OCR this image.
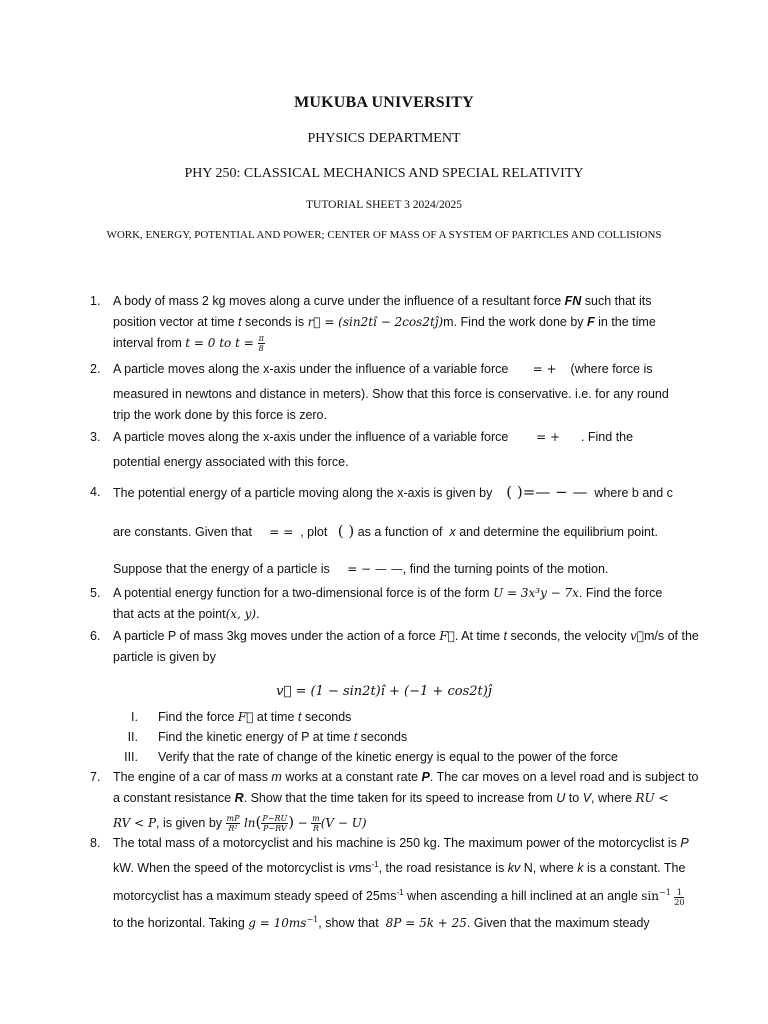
MUKUBA UNIVERSITY
PHYSICS DEPARTMENT
PHY 250: CLASSICAL MECHANICS AND SPECIAL RELATIVITY
TUTORIAL SHEET 3 2024/2025
WORK, ENERGY, POTENTIAL AND POWER; CENTER OF MASS OF A SYSTEM OF PARTICLES AND COLLISIONS
1. A body of mass 2 kg moves along a curve under the influence of a resultant force FN such that its
position vector at time t seconds is r⃗ = (sin2tî − 2cos2tĵ)m. Find the work done by F in the time
interval from t = 0 to $t = \frac{\pi}{8}$
2. A particle moves along the x-axis under the influence of a variable force = + (where force is
measured in newtons and distance in meters). Show that this force is conservative. i.e. for any round
trip the work done by this force is zero.
3. A particle moves along the x-axis under the influence of a variable force = + . Find the
potential energy associated with this force.
4. The potential energy of a particle moving along the x-axis is given by ( )=— − — where b and c
are constants. Given that = = , plot ( ) as a function of x and determine the equilibrium point.
Suppose that the energy of a particle is = − — —, find the turning points of the motion.
5. A potential energy function for a two-dimensional force is of the form U = 3x³y − 7x. Find the force
that acts at the point(x, y).
6. A particle P of mass 3kg moves under the action of a force F⃗. At time t seconds, the velocity v⃗m/s of the
particle is given by
v⃗ = (1 − sin2t)î + (−1 + cos2t)ĵ
I. Find the force F⃗ at time t seconds
II. Find the kinetic energy of P at time t seconds
III. Verify that the rate of change of the kinetic energy is equal to the power of the force
7. The engine of a car of mass m works at a constant rate P. The car moves on a level road and is subject to
a constant resistance R. Show that the time taken for its speed to increase from U to V, where RU <
RV < P, is given by $\frac{mP}{\text{R²}} \ln( \frac{P-RU}{P-RV}$ ) − $\frac{m}{R} (V - U)$
8. The total mass of a motorcyclist and his machine is 250 kg. The maximum power of the motorcyclist is P
kW. When the speed of the motorcyclist is vms$^{-1}$, the road resistance is kv N, where k is a constant. The
motorcyclist has a maximum steady speed of $25ms^{-1}$ when ascending a hill inclined at an angle $\sin^{-1} \frac{1}{20}$
to the horizontal. Taking $g = 10ms^{-1}$, show that  8P = 5k + 25. Given that the maximum steady
